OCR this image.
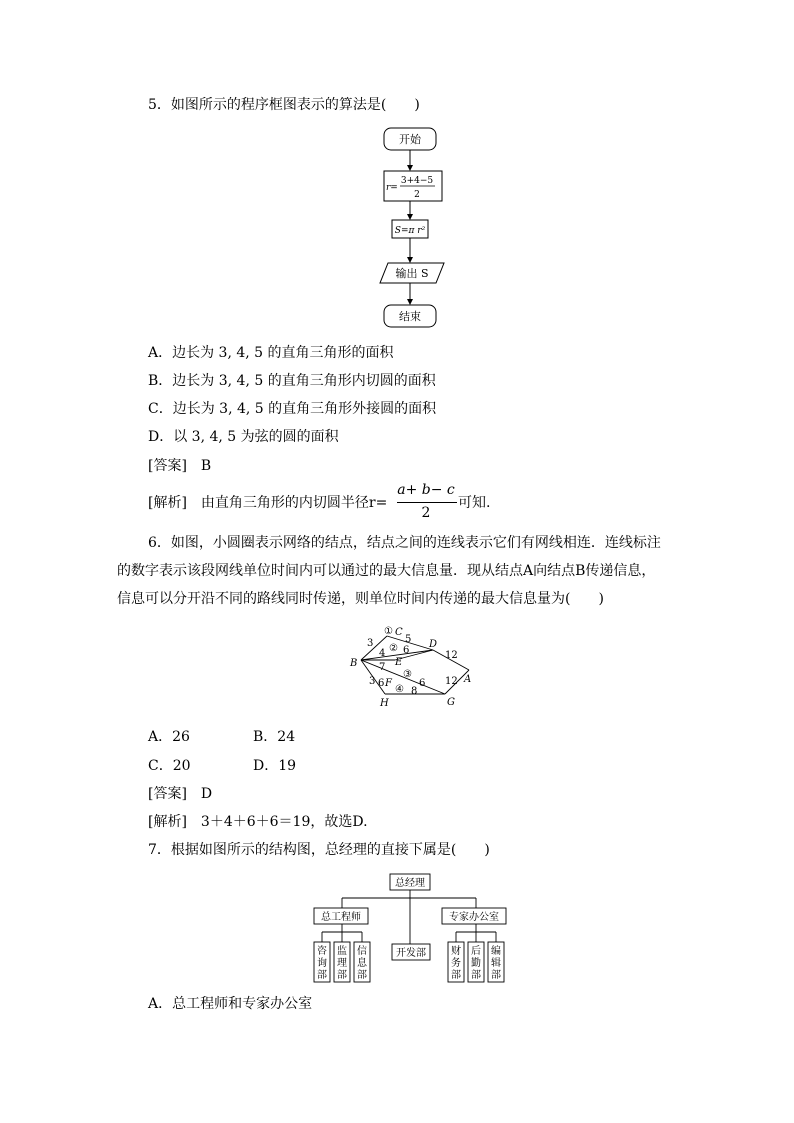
5．如图所示的程序框图表示的算法是(　　)
开始
r=
3+4−5
2
S=π r²
输出 S
结束
A．边长为 3, 4, 5 的直角三角形的面积
B．边长为 3, 4, 5 的直角三角形内切圆的面积
C．边长为 3, 4, 5 的直角三角形外接圆的面积
D．以 3, 4, 5 为弦的圆的面积
[答案]　B
[解析]　由直角三角形的内切圆半径r=
a+ b− c
2
可知.
6．如图，小圆圈表示网络的结点，结点之间的连线表示它们有网线相连．连线标注
的数字表示该段网线单位时间内可以通过的最大信息量．现从结点A向结点B传递信息，
信息可以分开沿不同的路线同时传递，则单位时间内传递的最大信息量为(　　)
B
C
D
E
F	A
H	G
①
②
③
④
3	5
4 6	12
7
3	6
6	12
8
A．26	B．24
C．20	D．19
[答案]　D
[解析]　3＋4＋6＋6＝19，故选D.
7．根据如图所示的结构图，总经理的直接下属是(　　)
总经理
总工程师	专家办公室
开发部
咨询部
监理部
信息部
财务部
后勤部
编辑部
A．总工程师和专家办公室
